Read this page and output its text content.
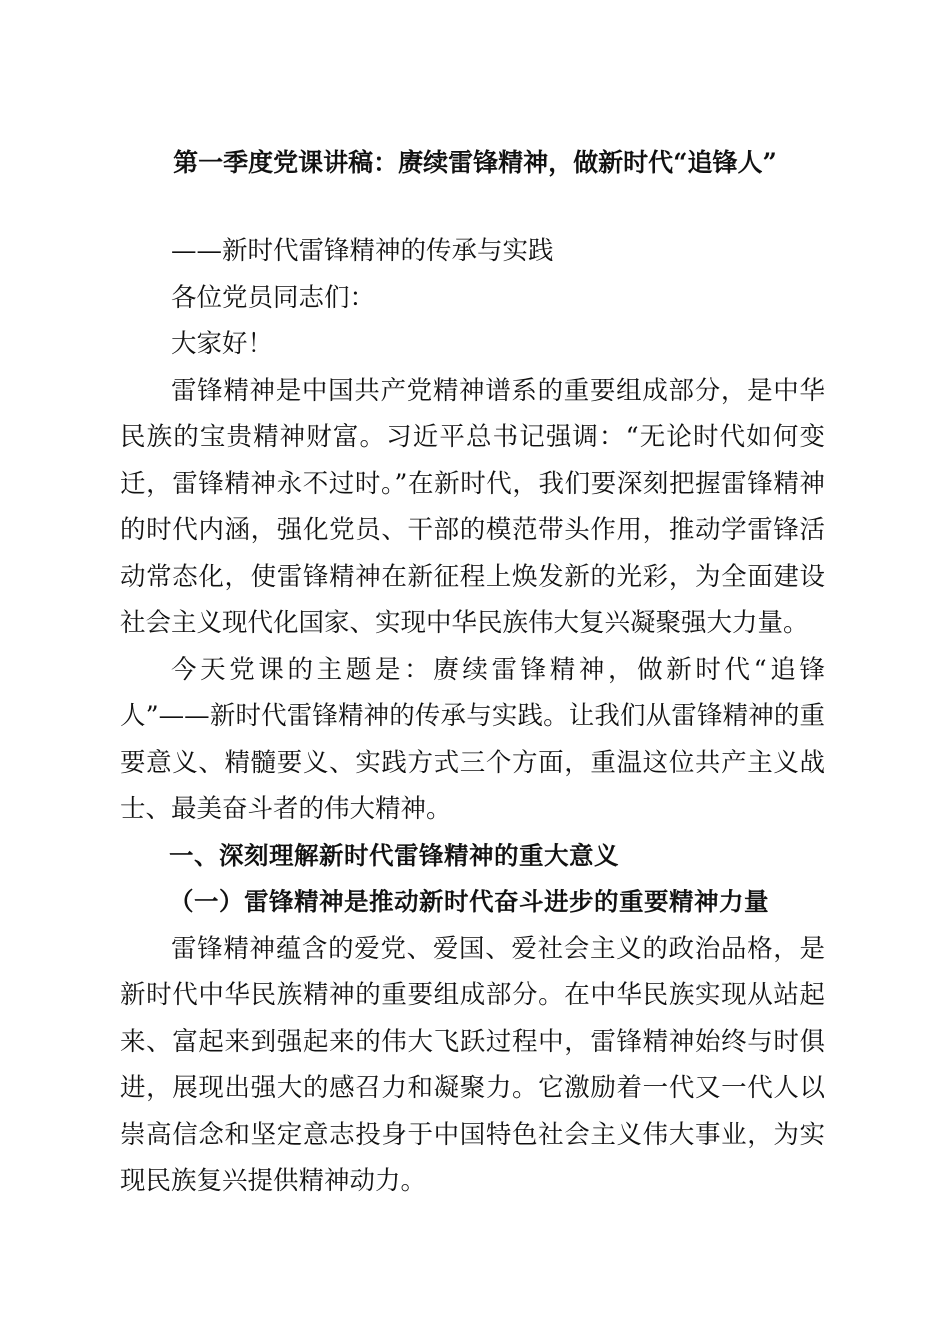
第一季度党课讲稿：赓续雷锋精神，做新时代“追锋人”

——新时代雷锋精神的传承与实践

各位党员同志们：

大家好！

雷锋精神是中国共产党精神谱系的重要组成部分，是中华民族的宝贵精神财富。习近平总书记强调：“无论时代如何变迁，雷锋精神永不过时。”在新时代，我们要深刻把握雷锋精神的时代内涵，强化党员、干部的模范带头作用，推动学雷锋活动常态化，使雷锋精神在新征程上焕发新的光彩，为全面建设社会主义现代化国家、实现中华民族伟大复兴凝聚强大力量。

今天党课的主题是：赓续雷锋精神，做新时代“追锋人”——新时代雷锋精神的传承与实践。让我们从雷锋精神的重要意义、精髓要义、实践方式三个方面，重温这位共产主义战士、最美奋斗者的伟大精神。

一、深刻理解新时代雷锋精神的重大意义

（一）雷锋精神是推动新时代奋斗进步的重要精神力量

雷锋精神蕴含的爱党、爱国、爱社会主义的政治品格，是新时代中华民族精神的重要组成部分。在中华民族实现从站起来、富起来到强起来的伟大飞跃过程中，雷锋精神始终与时俱进，展现出强大的感召力和凝聚力。它激励着一代又一代人以崇高信念和坚定意志投身于中国特色社会主义伟大事业，为实现民族复兴提供精神动力。
